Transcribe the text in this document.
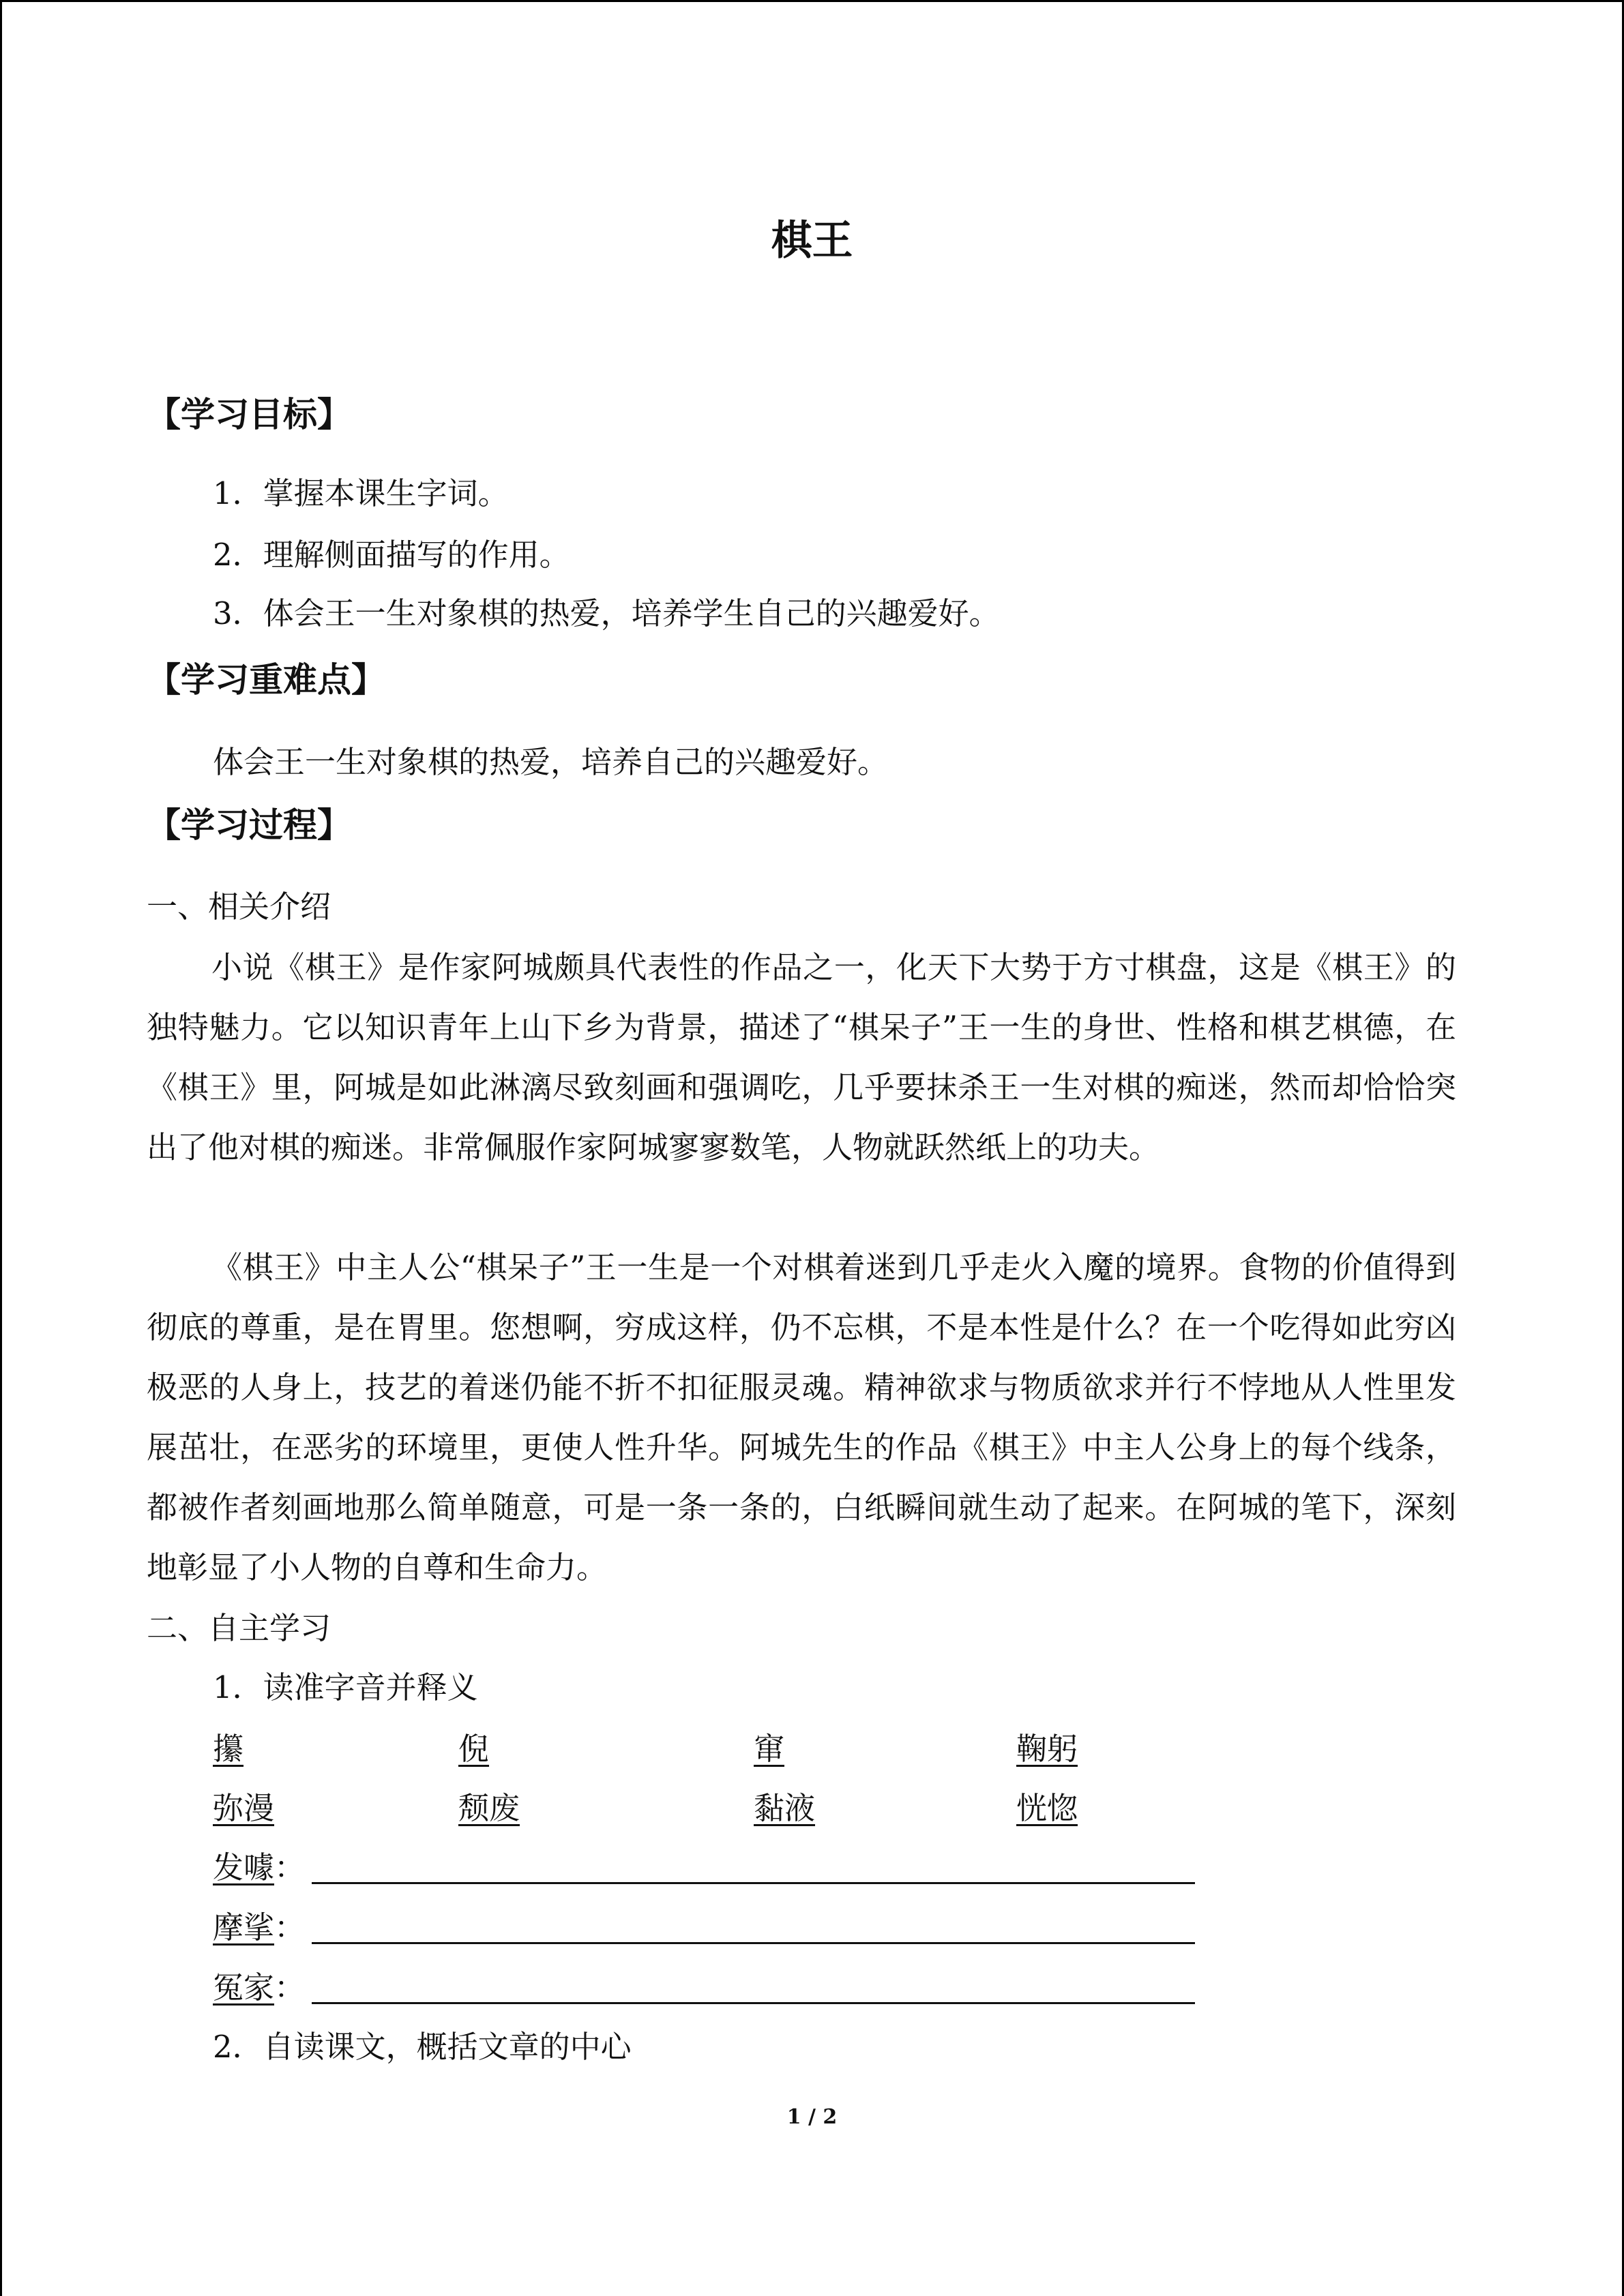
棋王
【学习目标】
1．掌握本课生字词。
2．理解侧面描写的作用。
3．体会王一生对象棋的热爱，培养学生自己的兴趣爱好。
【学习重难点】
体会王一生对象棋的热爱，培养自己的兴趣爱好。
【学习过程】
一、相关介绍
小说《棋王》是作家阿城颇具代表性的作品之一，化天下大势于方寸棋盘，这是《棋王》的独特魅力。它以知识青年上山下乡为背景，描述了“棋呆子”王一生的身世、性格和棋艺棋德，在《棋王》里，阿城是如此淋漓尽致刻画和强调吃，几乎要抹杀王一生对棋的痴迷，然而却恰恰突出了他对棋的痴迷。非常佩服作家阿城寥寥数笔，人物就跃然纸上的功夫。
《棋王》中主人公“棋呆子”王一生是一个对棋着迷到几乎走火入魔的境界。食物的价值得到彻底的尊重，是在胃里。您想啊，穷成这样，仍不忘棋，不是本性是什么？在一个吃得如此穷凶极恶的人身上，技艺的着迷仍能不折不扣征服灵魂。精神欲求与物质欲求并行不悖地从人性里发展茁壮，在恶劣的环境里，更使人性升华。阿城先生的作品《棋王》中主人公身上的每个线条，都被作者刻画地那么简单随意，可是一条一条的，白纸瞬间就生动了起来。在阿城的笔下，深刻地彰显了小人物的自尊和生命力。
二、自主学习
1．读准字音并释义
攥	倪	窜	鞠躬
弥漫	颓废	黏液	恍惚
发噱：
摩挲：
冤家：
2．自读课文，概括文章的中心
1 / 2
